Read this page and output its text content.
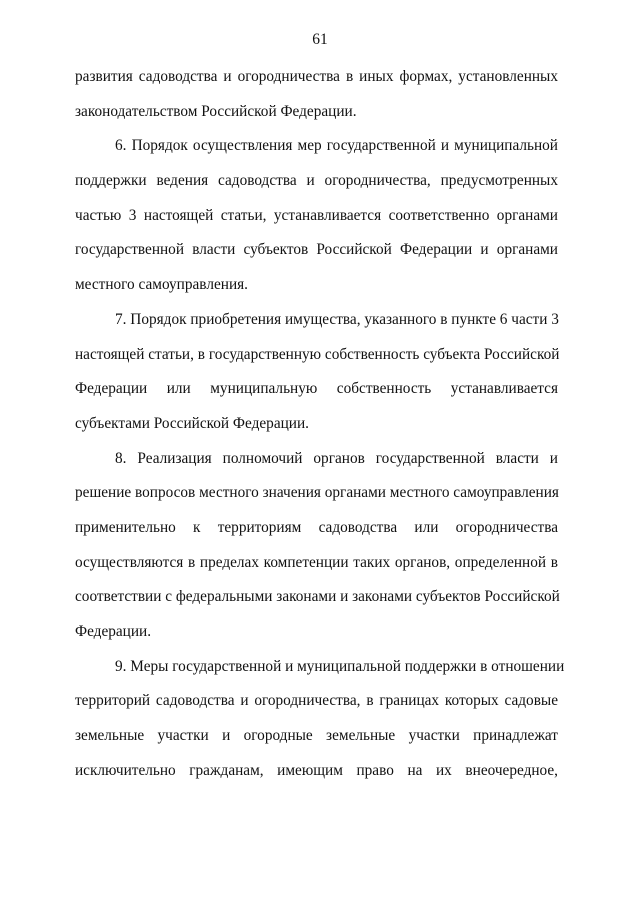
61
развития садоводства и огородничества в иных формах, установленных
законодательством Российской Федерации.
6. Порядок осуществления мер государственной и муниципальной
поддержки ведения садоводства и огородничества, предусмотренных
частью 3 настоящей статьи, устанавливается соответственно органами
государственной власти субъектов Российской Федерации и органами
местного самоуправления.
7. Порядок приобретения имущества, указанного в пункте 6 части 3
настоящей статьи, в государственную собственность субъекта Российской
Федерации или муниципальную собственность устанавливается
субъектами Российской Федерации.
8. Реализация полномочий органов государственной власти и
решение вопросов местного значения органами местного самоуправления
применительно к территориям садоводства или огородничества
осуществляются в пределах компетенции таких органов, определенной в
соответствии с федеральными законами и законами субъектов Российской
Федерации.
9. Меры государственной и муниципальной поддержки в отношении
территорий садоводства и огородничества, в границах которых садовые
земельные участки и огородные земельные участки принадлежат
исключительно гражданам, имеющим право на их внеочередное,
